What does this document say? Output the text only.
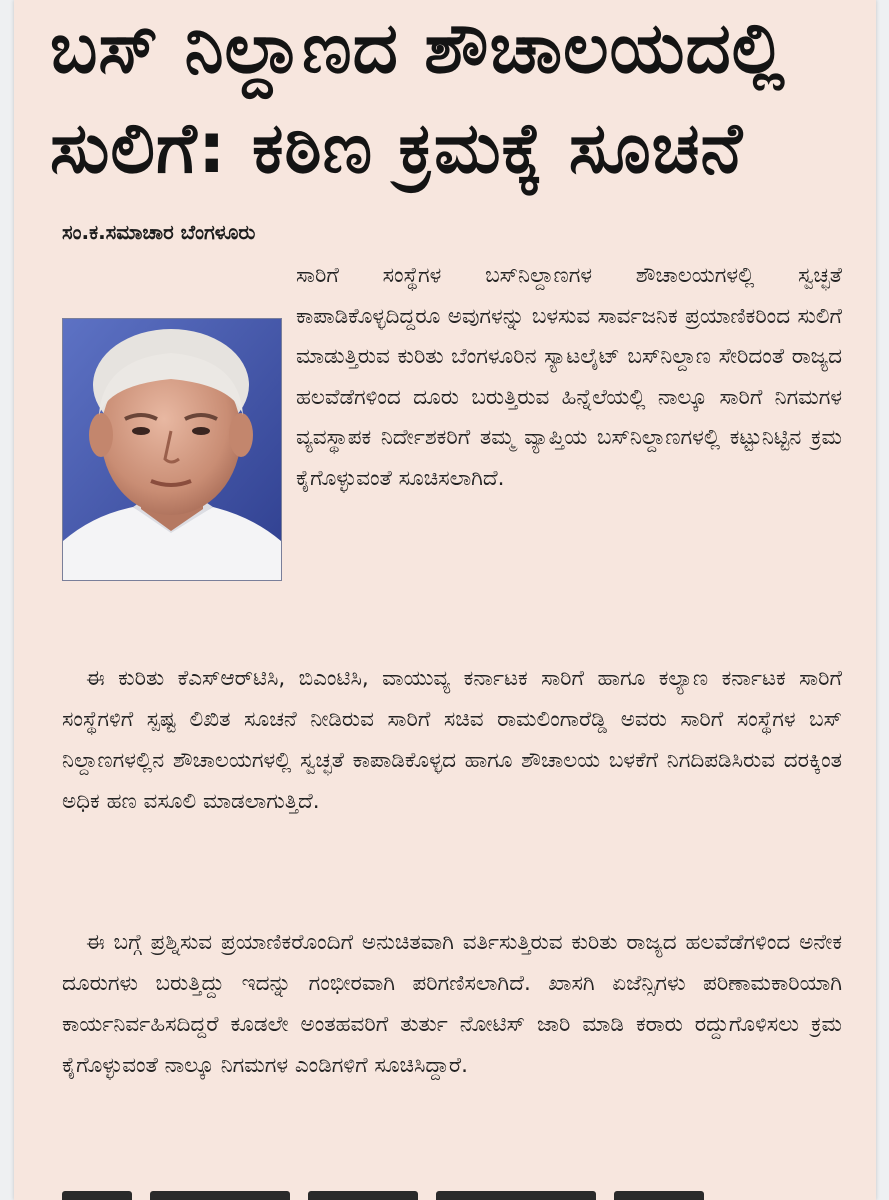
ಬಸ್ ನಿಲ್ದಾಣದ ಶೌಚಾಲಯದಲ್ಲಿ
ಸುಲಿಗೆ: ಕಠಿಣ ಕ್ರಮಕ್ಕೆ ಸೂಚನೆ
ಸಂ.ಕ.ಸಮಾಚಾರ ಬೆಂಗಳೂರು

ಸಾರಿಗೆ ಸಂಸ್ಥೆಗಳ ಬಸ್‌ನಿಲ್ದಾಣಗಳ ಶೌಚಾಲಯಗಳಲ್ಲಿ ಸ್ವಚ್ಛತೆ ಕಾಪಾಡಿಕೊಳ್ಳದಿದ್ದರೂ ಅವುಗಳನ್ನು ಬಳಸುವ ಸಾರ್ವಜನಿಕ ಪ್ರಯಾಣಿಕರಿಂದ ಸುಲಿಗೆ ಮಾಡುತ್ತಿರುವ ಕುರಿತು ಬೆಂಗಳೂರಿನ ಸ್ಯಾಟಲೈಟ್ ಬಸ್‌ನಿಲ್ದಾಣ ಸೇರಿದಂತೆ ರಾಜ್ಯದ ಹಲವೆಡೆಗಳಿಂದ ದೂರು ಬರುತ್ತಿರುವ ಹಿನ್ನೆಲೆಯಲ್ಲಿ ನಾಲ್ಕೂ ಸಾರಿಗೆ ನಿಗಮಗಳ ವ್ಯವಸ್ಥಾಪಕ ನಿರ್ದೇಶಕರಿಗೆ ತಮ್ಮ ವ್ಯಾಪ್ತಿಯ ಬಸ್‌ನಿಲ್ದಾಣಗಳಲ್ಲಿ ಕಟ್ಟುನಿಟ್ಟಿನ ಕ್ರಮ ಕೈಗೊಳ್ಳುವಂತೆ ಸೂಚಿಸಲಾಗಿದೆ.

ಈ ಕುರಿತು ಕೆಎಸ್‌ಆರ್‌ಟಿಸಿ, ಬಿಎಂಟಿಸಿ, ವಾಯುವ್ಯ ಕರ್ನಾಟಕ ಸಾರಿಗೆ ಹಾಗೂ ಕಲ್ಯಾಣ ಕರ್ನಾಟಕ ಸಾರಿಗೆ ಸಂಸ್ಥೆಗಳಿಗೆ ಸ್ಪಷ್ಟ ಲಿಖಿತ ಸೂಚನೆ ನೀಡಿರುವ ಸಾರಿಗೆ ಸಚಿವ ರಾಮಲಿಂಗಾರೆಡ್ಡಿ ಅವರು ಸಾರಿಗೆ ಸಂಸ್ಥೆಗಳ ಬಸ್ ನಿಲ್ದಾಣಗಳಲ್ಲಿನ ಶೌಚಾಲಯಗಳಲ್ಲಿ ಸ್ವಚ್ಛತೆ ಕಾಪಾಡಿಕೊಳ್ಳದ ಹಾಗೂ ಶೌಚಾಲಯ ಬಳಕೆಗೆ ನಿಗದಿಪಡಿಸಿರುವ ದರಕ್ಕಿಂತ ಅಧಿಕ ಹಣ ವಸೂಲಿ ಮಾಡಲಾಗುತ್ತಿದೆ.

ಈ ಬಗ್ಗೆ ಪ್ರಶ್ನಿಸುವ ಪ್ರಯಾಣಿಕರೊಂದಿಗೆ ಅನುಚಿತವಾಗಿ ವರ್ತಿಸುತ್ತಿರುವ ಕುರಿತು ರಾಜ್ಯದ ಹಲವೆಡೆಗಳಿಂದ ಅನೇಕ ದೂರುಗಳು ಬರುತ್ತಿದ್ದು ಇದನ್ನು ಗಂಭೀರವಾಗಿ ಪರಿಗಣಿಸಲಾಗಿದೆ. ಖಾಸಗಿ ಏಜೆನ್ಸಿಗಳು ಪರಿಣಾಮಕಾರಿಯಾಗಿ ಕಾರ್ಯನಿರ್ವಹಿಸದಿದ್ದರೆ ಕೂಡಲೇ ಅಂತಹವರಿಗೆ ತುರ್ತು ನೋಟಿಸ್ ಜಾರಿ ಮಾಡಿ ಕರಾರು ರದ್ದುಗೊಳಿಸಲು ಕ್ರಮ ಕೈಗೊಳ್ಳುವಂತೆ ನಾಲ್ಕೂ ನಿಗಮಗಳ ಎಂಡಿಗಳಿಗೆ ಸೂಚಿಸಿದ್ದಾರೆ.
